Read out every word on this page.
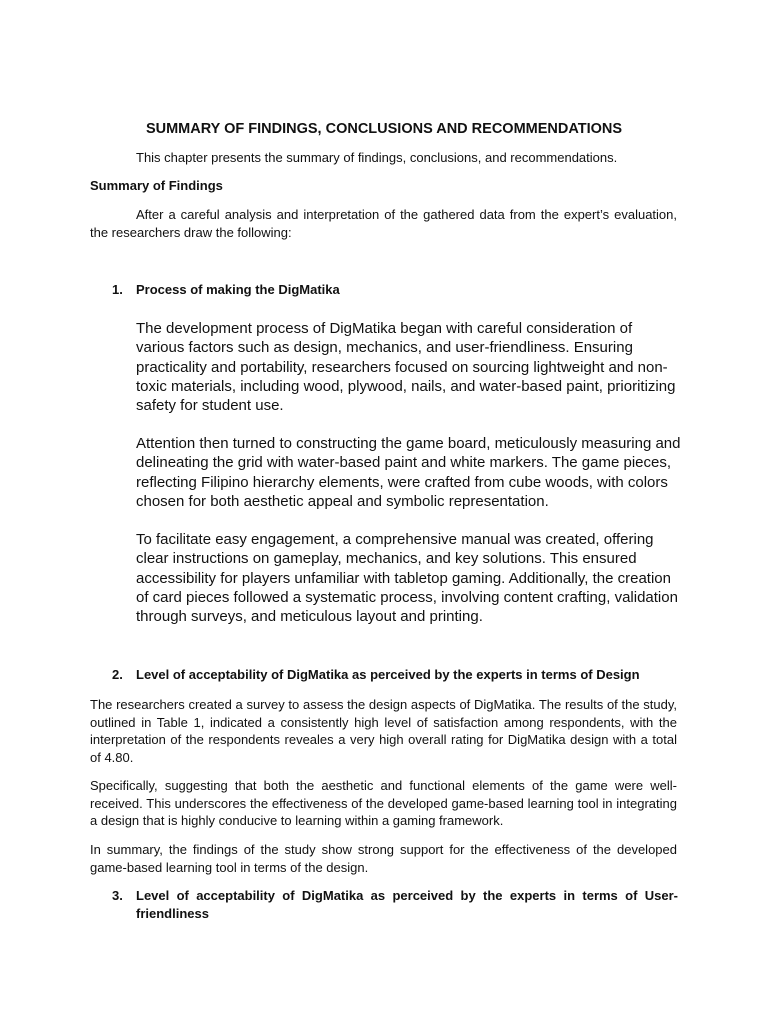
SUMMARY OF FINDINGS, CONCLUSIONS AND RECOMMENDATIONS
This chapter presents the summary of findings, conclusions, and recommendations.
Summary of Findings
After a careful analysis and interpretation of the gathered data from the expert’s evaluation, the researchers draw the following:
1.	Process of making the DigMatika
The development process of DigMatika began with careful consideration of various factors such as design, mechanics, and user-friendliness. Ensuring practicality and portability, researchers focused on sourcing lightweight and non-toxic materials, including wood, plywood, nails, and water-based paint, prioritizing safety for student use.
Attention then turned to constructing the game board, meticulously measuring and delineating the grid with water-based paint and white markers. The game pieces, reflecting Filipino hierarchy elements, were crafted from cube woods, with colors chosen for both aesthetic appeal and symbolic representation.
To facilitate easy engagement, a comprehensive manual was created, offering clear instructions on gameplay, mechanics, and key solutions. This ensured accessibility for players unfamiliar with tabletop gaming. Additionally, the creation of card pieces followed a systematic process, involving content crafting, validation through surveys, and meticulous layout and printing.
2.	Level of acceptability of DigMatika as perceived by the experts in terms of Design
The researchers created a survey to assess the design aspects of DigMatika. The results of the study, outlined in Table 1, indicated a consistently high level of satisfaction among respondents, with the interpretation of the respondents reveales a very high overall rating for DigMatika design with a total of 4.80.
Specifically, suggesting that both the aesthetic and functional elements of the game were well-received. This underscores the effectiveness of the developed game-based learning tool in integrating a design that is highly conducive to learning within a gaming framework.
In summary, the findings of the study show strong support for the effectiveness of the developed game-based learning tool in terms of the design.
3.	Level of acceptability of DigMatika as perceived by the experts in terms of User-friendliness
